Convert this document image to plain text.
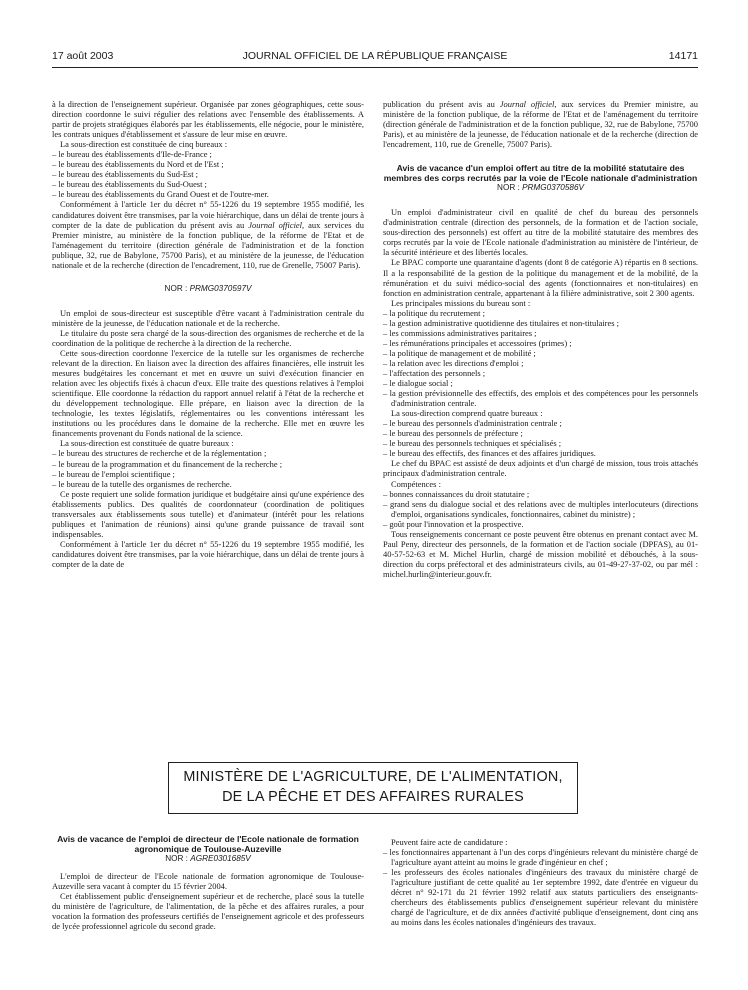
17 août 2003	JOURNAL OFFICIEL DE LA RÉPUBLIQUE FRANÇAISE	14171

à la direction de l'enseignement supérieur. Organisée par zones géographiques, cette sous-direction coordonne le suivi régulier des relations avec l'ensemble des établissements. A partir de projets stratégiques élaborés par les établissements, elle négocie, pour le ministère, les contrats uniques d'établissement et s'assure de leur mise en œuvre.

La sous-direction est constituée de cinq bureaux :

– le bureau des établissements d'Ile-de-France ;
– le bureau des établissements du Nord et de l'Est ;
– le bureau des établissements du Sud-Est ;
– le bureau des établissements du Sud-Ouest ;
– le bureau des établissements du Grand Ouest et de l'outre-mer.

Conformément à l'article 1er du décret n° 55-1226 du 19 septembre 1955 modifié, les candidatures doivent être transmises, par la voie hiérarchique, dans un délai de trente jours à compter de la date de publication du présent avis au Journal officiel, aux services du Premier ministre, au ministère de la fonction publique, de la réforme de l'Etat et de l'aménagement du territoire (direction générale de l'administration et de la fonction publique, 32, rue de Babylone, 75700 Paris), et au ministère de la jeunesse, de l'éducation nationale et de la recherche (direction de l'encadrement, 110, rue de Grenelle, 75007 Paris).

NOR : PRMG0370597V

Un emploi de sous-directeur est susceptible d'être vacant à l'administration centrale du ministère de la jeunesse, de l'éducation nationale et de la recherche.

Le titulaire du poste sera chargé de la sous-direction des organismes de recherche et de la coordination de la politique de recherche à la direction de la recherche.

Cette sous-direction coordonne l'exercice de la tutelle sur les organismes de recherche relevant de la direction. En liaison avec la direction des affaires financières, elle instruit les mesures budgétaires les concernant et met en œuvre un suivi d'exécution financier en relation avec les objectifs fixés à chacun d'eux. Elle traite des questions relatives à l'emploi scientifique. Elle coordonne la rédaction du rapport annuel relatif à l'état de la recherche et du développement technologique. Elle prépare, en liaison avec la direction de la technologie, les textes législatifs, réglementaires ou les conventions intéressant les institutions ou les procédures dans le domaine de la recherche. Elle met en œuvre les financements provenant du Fonds national de la science.

La sous-direction est constituée de quatre bureaux :

– le bureau des structures de recherche et de la réglementation ;
– le bureau de la programmation et du financement de la recherche ;
– le bureau de l'emploi scientifique ;
– le bureau de la tutelle des organismes de recherche.

Ce poste requiert une solide formation juridique et budgétaire ainsi qu'une expérience des établissements publics. Des qualités de coordonnateur (coordination de politiques transversales aux établissements sous tutelle) et d'animateur (intérêt pour les relations publiques et l'animation de réunions) ainsi qu'une grande puissance de travail sont indispensables.

Conformément à l'article 1er du décret n° 55-1226 du 19 septembre 1955 modifié, les candidatures doivent être transmises, par la voie hiérarchique, dans un délai de trente jours à compter de la date de

publication du présent avis au Journal officiel, aux services du Premier ministre, au ministère de la fonction publique, de la réforme de l'Etat et de l'aménagement du territoire (direction générale de l'administration et de la fonction publique, 32, rue de Babylone, 75700 Paris), et au ministère de la jeunesse, de l'éducation nationale et de la recherche (direction de l'encadrement, 110, rue de Grenelle, 75007 Paris).

Avis de vacance d'un emploi offert au titre de la mobilité statutaire des membres des corps recrutés par la voie de l'Ecole nationale d'administration
NOR : PRMG0370586V

Un emploi d'administrateur civil en qualité de chef du bureau des personnels d'administration centrale (direction des personnels, de la formation et de l'action sociale, sous-direction des personnels) est offert au titre de la mobilité statutaire des membres des corps recrutés par la voie de l'Ecole nationale d'administration au ministère de l'intérieur, de la sécurité intérieure et des libertés locales.

Le BPAC comporte une quarantaine d'agents (dont 8 de catégorie A) répartis en 8 sections. Il a la responsabilité de la gestion de la politique du management et de la mobilité, de la rémunération et du suivi médico-social des agents (fonctionnaires et non-titulaires) en fonction en administration centrale, appartenant à la filière administrative, soit 2 300 agents.

Les principales missions du bureau sont :

– la politique du recrutement ;
– la gestion administrative quotidienne des titulaires et non-titulaires ;
– les commissions administratives paritaires ;
– les rémunérations principales et accessoires (primes) ;
– la politique de management et de mobilité ;
– la relation avec les directions d'emploi ;
– l'affectation des personnels ;
– le dialogue social ;
– la gestion prévisionnelle des effectifs, des emplois et des compétences pour les personnels d'administration centrale.

La sous-direction comprend quatre bureaux :

– le bureau des personnels d'administration centrale ;
– le bureau des personnels de préfecture ;
– le bureau des personnels techniques et spécialisés ;
– le bureau des effectifs, des finances et des affaires juridiques.

Le chef du BPAC est assisté de deux adjoints et d'un chargé de mission, tous trois attachés principaux d'administration centrale.

Compétences :

– bonnes connaissances du droit statutaire ;
– grand sens du dialogue social et des relations avec de multiples interlocuteurs (directions d'emploi, organisations syndicales, fonctionnaires, cabinet du ministre) ;
– goût pour l'innovation et la prospective.

Tous renseignements concernant ce poste peuvent être obtenus en prenant contact avec M. Paul Peny, directeur des personnels, de la formation et de l'action sociale (DPFAS), au 01-40-57-52-63 et M. Michel Hurlin, chargé de mission mobilité et débouchés, à la sous-direction du corps préfectoral et des administrateurs civils, au 01-49-27-37-02, ou par mél : michel.hurlin@interieur.gouv.fr.

MINISTÈRE DE L'AGRICULTURE, DE L'ALIMENTATION,
DE LA PÊCHE ET DES AFFAIRES RURALES
Avis de vacance de l'emploi de directeur de l'Ecole nationale de formation agronomique de Toulouse-Auzeville
NOR : AGRE0301685V

L'emploi de directeur de l'Ecole nationale de formation agronomique de Toulouse-Auzeville sera vacant à compter du 15 février 2004.

Cet établissement public d'enseignement supérieur et de recherche, placé sous la tutelle du ministère de l'agriculture, de l'alimentation, de la pêche et des affaires rurales, a pour vocation la formation des professeurs certifiés de l'enseignement agricole et des professeurs de lycée professionnel agricole du second grade.

Peuvent faire acte de candidature :

– les fonctionnaires appartenant à l'un des corps d'ingénieurs relevant du ministère chargé de l'agriculture ayant atteint au moins le grade d'ingénieur en chef ;
– les professeurs des écoles nationales d'ingénieurs des travaux du ministère chargé de l'agriculture justifiant de cette qualité au 1er septembre 1992, date d'entrée en vigueur du décret n° 92-171 du 21 février 1992 relatif aux statuts particuliers des enseignants-chercheurs des établissements publics d'enseignement supérieur relevant du ministère chargé de l'agriculture, et de dix années d'activité publique d'enseignement, dont cinq ans au moins dans les écoles nationales d'ingénieurs des travaux.
